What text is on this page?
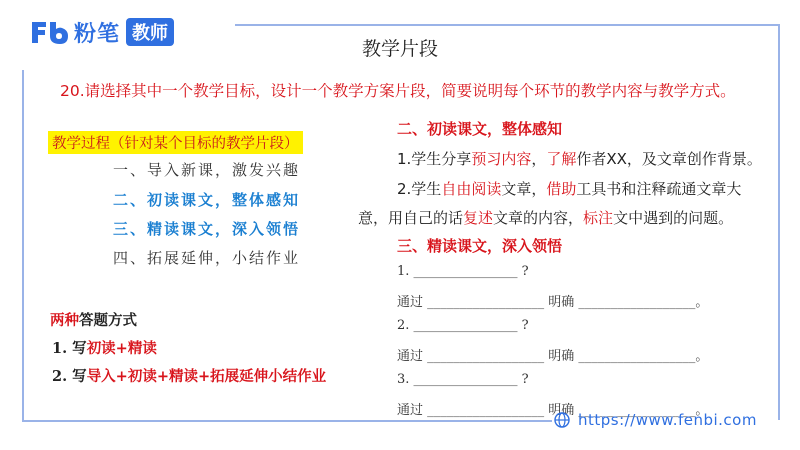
粉笔 教师
教学片段
20.请选择其中一个教学目标，设计一个教学方案片段，简要说明每个环节的教学内容与教学方式。
教学过程（针对某个目标的教学片段）
一、导入新课，激发兴趣
二、初读课文，整体感知
三、精读课文，深入领悟
四、拓展延伸，小结作业
两种答题方式
1. 写初读+精读
2. 写导入+初读+精读+拓展延伸小结作业
二、初读课文，整体感知
1.学生分享预习内容，了解作者XX，及文章创作背景。
2.学生自由阅读文章，借助工具书和注释疏通文章大
意，用自己的话复述文章的内容，标注文中遇到的问题。
三、精读课文，深入领悟
1. ________________ ?
通过 __________________ 明确 __________________。
2. ________________ ?
通过 __________________ 明确 __________________。
3. ________________ ?
通过 __________________ 明确 __________________。
https://www.fenbi.com
